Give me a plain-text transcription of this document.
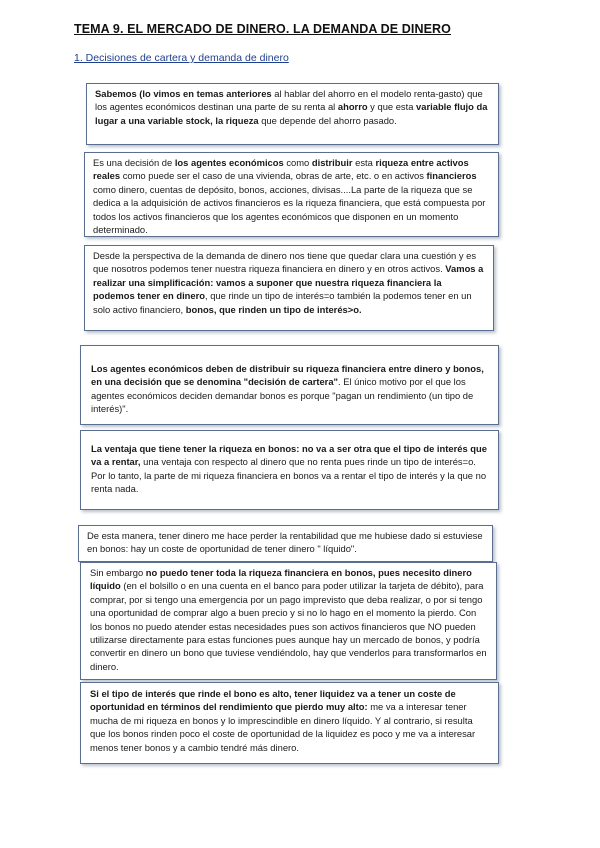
TEMA 9. EL MERCADO DE DINERO. LA DEMANDA DE DINERO
1. Decisiones de cartera y demanda de dinero

Sabemos (lo vimos en temas anteriores al hablar del ahorro en el modelo renta-gasto) que los agentes económicos destinan una parte de su renta al ahorro y que esta variable flujo da lugar a una variable stock, la riqueza que depende del ahorro pasado.

Es una decisión de los agentes económicos como distribuir esta riqueza entre activos reales como puede ser el caso de una vivienda, obras de arte, etc. o en activos financieros como dinero, cuentas de depósito, bonos, acciones, divisas....La parte de la riqueza que se dedica a la adquisición de activos financieros es la riqueza financiera, que está compuesta por todos los activos financieros que los agentes económicos que disponen en un momento determinado.

Desde la perspectiva de la demanda de dinero nos tiene que quedar clara una cuestión y es que nosotros podemos tener nuestra riqueza financiera en dinero y en otros activos. Vamos a realizar una simplificación: vamos a suponer que nuestra riqueza financiera la podemos tener en dinero, que rinde un tipo de interés=o también la podemos tener en un solo activo financiero, bonos, que rinden un tipo de interés>o.

Los agentes económicos deben de distribuir su riqueza financiera entre dinero y bonos, en una decisión que se denomina "decisión de cartera". El único motivo por el que los agentes económicos deciden demandar bonos es porque "pagan un rendimiento (un tipo de interés)".

La ventaja que tiene tener la riqueza en bonos: no va a ser otra que el tipo de interés que va a rentar, una ventaja con respecto al dinero que no renta pues rinde un tipo de interés=o. Por lo tanto, la parte de mi riqueza financiera en bonos va a rentar el tipo de interés y la que no renta nada.

De esta manera, tener dinero me hace perder la rentabilidad que me hubiese dado si estuviese en bonos: hay un coste de oportunidad de tener dinero " líquido".

Sin embargo no puedo tener toda la riqueza financiera en bonos, pues necesito dinero líquido (en el bolsillo o en una cuenta en el banco para poder utilizar la tarjeta de débito), para comprar, por si tengo una emergencia por un pago imprevisto que deba realizar, o por si tengo una oportunidad de comprar algo a buen precio y si no lo hago en el momento la pierdo. Con los bonos no puedo atender estas necesidades pues son activos financieros que NO pueden utilizarse directamente para estas funciones pues aunque hay un mercado de bonos, y podría convertir en dinero un bono que tuviese vendiéndolo, hay que venderlos para transformarlos en dinero.

Si el tipo de interés que rinde el bono es alto, tener liquidez va a tener un coste de oportunidad en términos del rendimiento que pierdo muy alto: me va a interesar tener mucha de mi riqueza en bonos y lo imprescindible en dinero líquido. Y al contrario, si resulta que los bonos rinden poco el coste de oportunidad de la liquidez es poco y me va a interesar menos tener bonos y a cambio tendré más dinero.
